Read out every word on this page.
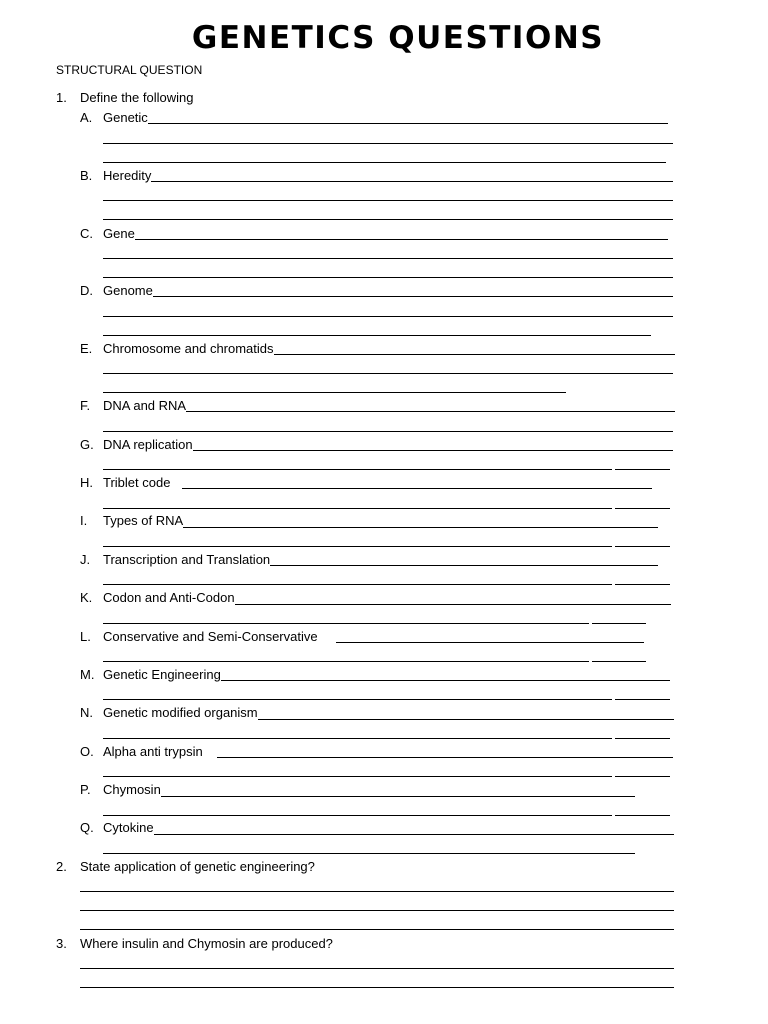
GENETICS QUESTIONS
STRUCTURAL QUESTION
1. Define the following
2. State application of genetic engineering?
3. Where insulin and Chymosin are produced?
A. Genetic
B. Heredity
C. Gene
D. Genome
E. Chromosome and chromatids
F. DNA and RNA
G. DNA replication
H. Triblet code
I. Types of RNA
J. Transcription and Translation
K. Codon and Anti-Codon
L. Conservative and Semi-Conservative
M. Genetic Engineering
N. Genetic modified organism
O. Alpha anti trypsin
P. Chymosin
Q. Cytokine
